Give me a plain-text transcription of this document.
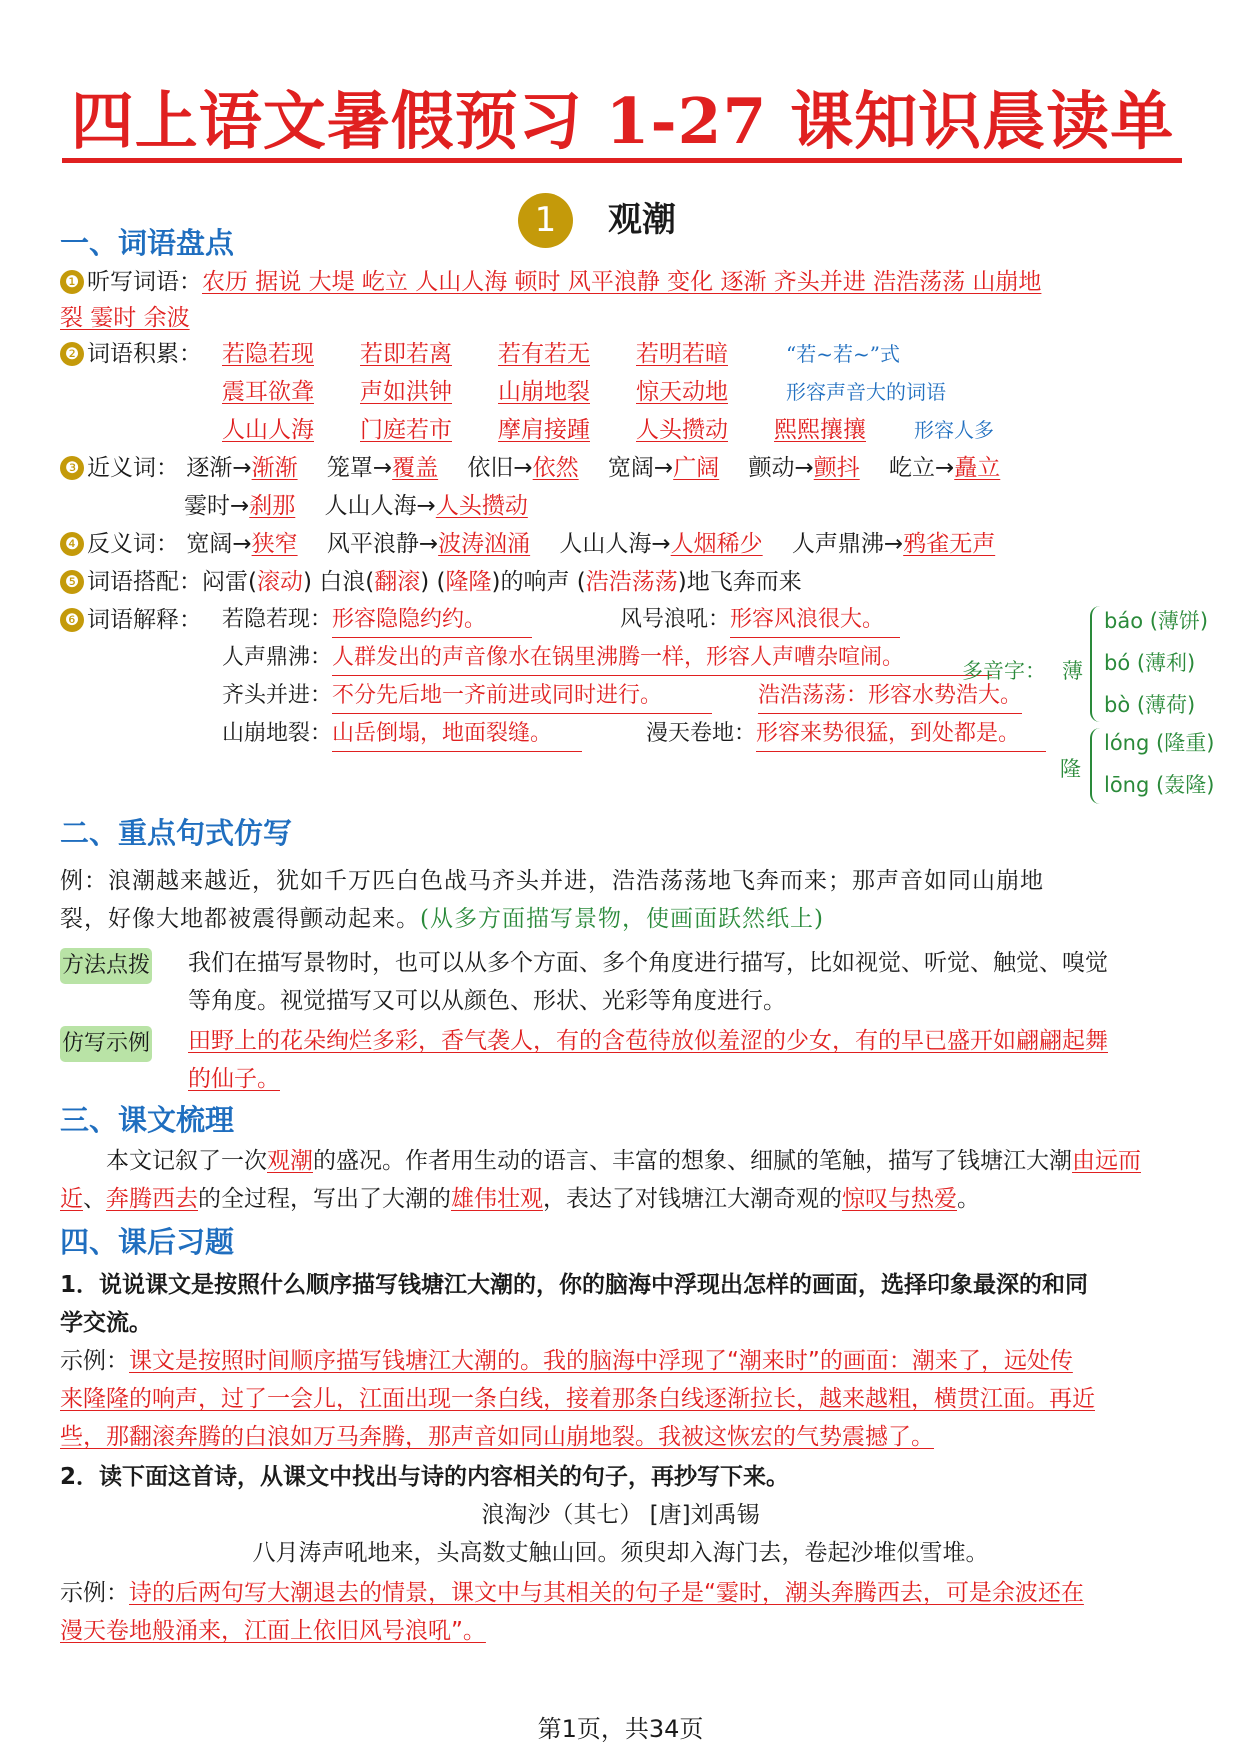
四上语文暑假预习 1-27 课知识晨读单
1	观潮
一、词语盘点
❶ 听写词语：农历 据说 大堤 屹立 人山人海 顿时 风平浪静 变化 逐渐 齐头并进 浩浩荡荡 山崩地
裂 霎时 余波
❷ 词语积累： 若隐若现 若即若离 若有若无 若明若暗	“若~若~”式
震耳欲聋 声如洪钟 山崩地裂 惊天动地	形容声音大的词语
人山人海 门庭若市 摩肩接踵 人头攒动 熙熙攘攘 形容人多
❸ 近义词： 逐渐→渐渐 笼罩→覆盖 依旧→依然 宽阔→广阔 颤动→颤抖 屹立→矗立
霎时→刹那 人山人海→人头攒动
❹ 反义词： 宽阔→狭窄 风平浪静→波涛汹涌 人山人海→人烟稀少 人声鼎沸→鸦雀无声
❺ 词语搭配：闷雷(滚动) 白浪(翻滚) (隆隆)的响声 (浩浩荡荡)地飞奔而来
❻ 词语解释： 若隐若现：形容隐隐约约。	风号浪吼：形容风浪很大。
人声鼎沸：人群发出的声音像水在锅里沸腾一样，形容人声嘈杂喧闹。
齐头并进：不分先后地一齐前进或同时进行。	浩浩荡荡：形容水势浩大。
山崩地裂：山岳倒塌，地面裂缝。	漫天卷地：形容来势很猛，到处都是。
多音字： 薄
báo (薄饼)
bó (薄利)
bò (薄荷)
隆
lóng (隆重)
lōng (轰隆)
二、重点句式仿写
例：浪潮越来越近，犹如千万匹白色战马齐头并进，浩浩荡荡地飞奔而来；那声音如同山崩地
裂，好像大地都被震得颤动起来。(从多方面描写景物，使画面跃然纸上)
方法点拨 我们在描写景物时，也可以从多个方面、多个角度进行描写，比如视觉、听觉、触觉、嗅觉
等角度。视觉描写又可以从颜色、形状、光彩等角度进行。
仿写示例 田野上的花朵绚烂多彩，香气袭人，有的含苞待放似羞涩的少女，有的早已盛开如翩翩起舞
的仙子。
三、课文梳理
本文记叙了一次观潮的盛况。作者用生动的语言、丰富的想象、细腻的笔触，描写了钱塘江大潮由远而近、奔腾西去的全过程，写出了大潮的雄伟壮观，表达了对钱塘江大潮奇观的惊叹与热爱。
四、课后习题
1．说说课文是按照什么顺序描写钱塘江大潮的，你的脑海中浮现出怎样的画面，选择印象最深的和同
学交流。
示例：课文是按照时间顺序描写钱塘江大潮的。我的脑海中浮现了“潮来时”的画面：潮来了，远处传
来隆隆的响声，过了一会儿，江面出现一条白线，接着那条白线逐渐拉长，越来越粗，横贯江面。再近
些，那翻滚奔腾的白浪如万马奔腾，那声音如同山崩地裂。我被这恢宏的气势震撼了。
2．读下面这首诗，从课文中找出与诗的内容相关的句子，再抄写下来。
浪淘沙（其七） [唐]刘禹锡
八月涛声吼地来，头高数丈触山回。须臾却入海门去，卷起沙堆似雪堆。
示例：诗的后两句写大潮退去的情景，课文中与其相关的句子是“霎时，潮头奔腾西去，可是余波还在
漫天卷地般涌来，江面上依旧风号浪吼”。
第1页，共34页
